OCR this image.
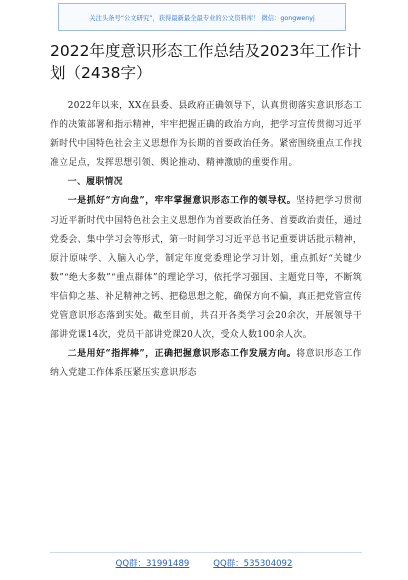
关注头条号“公文研究”，获得最新最全最专业的公文资料库！ 微信：gongwenyj
2022年度意识形态工作总结及2023年工作计划（2438字）

2022年以来，XX在县委、县政府正确领导下，认真贯彻落实意识形态工作的决策部署和指示精神，牢牢把握正确的政治方向，把学习宣传贯彻习近平新时代中国特色社会主义思想作为长期的首要政治任务。紧密围绕重点工作找准立足点，发挥思想引领、舆论推动、精神激励的重要作用。

一、履职情况

一是抓好“方向盘”，牢牢掌握意识形态工作的领导权。坚持把学习贯彻习近平新时代中国特色社会主义思想作为首要政治任务、首要政治责任，通过党委会、集中学习会等形式，第一时间学习习近平总书记重要讲话批示精神，原汁原味学、入脑入心学，制定年度党委理论学习计划，重点抓好“关键少数”“绝大多数”“重点群体”的理论学习，依托学习强国、主题党日等，不断筑牢信仰之基、补足精神之钙、把稳思想之舵，确保方向不偏，真正把党管宣传党管意识形态落到实处。截至目前，共召开各类学习会20余次，开展领导干部讲党课14次，党员干部讲党课20人次，受众人数100余人次。

二是用好“指挥棒”，正确把握意识形态工作发展方向。将意识形态工作纳入党建工作体系压紧压实意识形态

QQ群：31991489	QQ群：535304092
